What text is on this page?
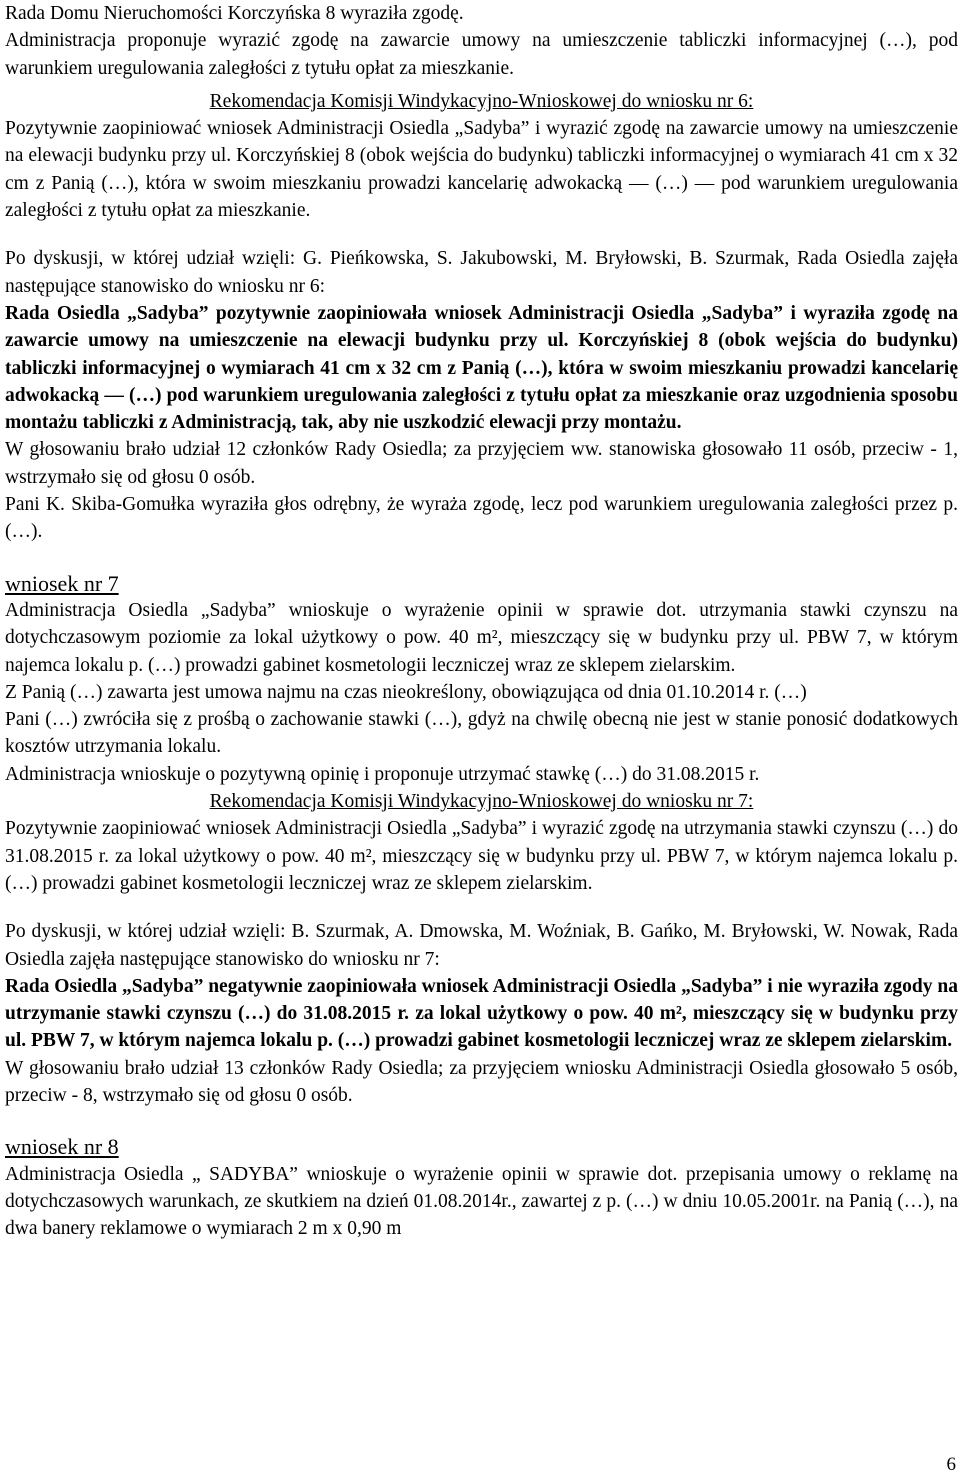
Rada Domu Nieruchomości Korczyńska 8 wyraziła zgodę.

Administracja proponuje wyrazić zgodę na zawarcie umowy na umieszczenie tabliczki informacyjnej (…), pod warunkiem uregulowania zaległości z tytułu opłat za mieszkanie.

Rekomendacja Komisji Windykacyjno-Wnioskowej do wniosku nr 6:

Pozytywnie zaopiniować wniosek Administracji Osiedla „Sadyba” i wyrazić zgodę na zawarcie umowy na umieszczenie na elewacji budynku przy ul. Korczyńskiej 8 (obok wejścia do budynku) tabliczki informacyjnej o wymiarach 41 cm x 32 cm z Panią (…), która w swoim mieszkaniu prowadzi kancelarię adwokacką — (…) — pod warunkiem uregulowania zaległości z tytułu opłat za mieszkanie.

Po dyskusji, w której udział wzięli: G. Pieńkowska, S. Jakubowski, M. Bryłowski, B. Szurmak, Rada Osiedla zajęła następujące stanowisko do wniosku nr 6:

Rada Osiedla „Sadyba” pozytywnie zaopiniowała wniosek Administracji Osiedla „Sadyba” i wyraziła zgodę na zawarcie umowy na umieszczenie na elewacji budynku przy ul. Korczyńskiej 8 (obok wejścia do budynku) tabliczki informacyjnej o wymiarach 41 cm x 32 cm z Panią (…), która w swoim mieszkaniu prowadzi kancelarię adwokacką — (…) pod warunkiem uregulowania zaległości z tytułu opłat za mieszkanie oraz uzgodnienia sposobu montażu tabliczki z Administracją, tak, aby nie uszkodzić elewacji przy montażu.

W głosowaniu brało udział 12 członków Rady Osiedla; za przyjęciem ww. stanowiska głosowało 11 osób, przeciw - 1, wstrzymało się od głosu 0 osób.

Pani K. Skiba-Gomułka wyraziła głos odrębny, że wyraża zgodę, lecz pod warunkiem uregulowania zaległości przez p. (…).

wniosek nr 7

Administracja Osiedla „Sadyba” wnioskuje o wyrażenie opinii w sprawie dot. utrzymania stawki czynszu na dotychczasowym poziomie za lokal użytkowy o pow. 40 m², mieszczący się w budynku przy ul. PBW 7, w którym najemca lokalu p. (…) prowadzi gabinet kosmetologii leczniczej wraz ze sklepem zielarskim.

Z Panią (…) zawarta jest umowa najmu na czas nieokreślony, obowiązująca od dnia 01.10.2014 r. (…)

Pani (…) zwróciła się z prośbą o zachowanie stawki (…), gdyż na chwilę obecną nie jest w stanie ponosić dodatkowych kosztów utrzymania lokalu.

Administracja wnioskuje o pozytywną opinię i proponuje utrzymać stawkę (…) do 31.08.2015 r.

Rekomendacja Komisji Windykacyjno-Wnioskowej do wniosku nr 7:

Pozytywnie zaopiniować wniosek Administracji Osiedla „Sadyba” i wyrazić zgodę na utrzymania stawki czynszu (…) do 31.08.2015 r. za lokal użytkowy o pow. 40 m², mieszczący się w budynku przy ul. PBW 7, w którym najemca lokalu p. (…) prowadzi gabinet kosmetologii leczniczej wraz ze sklepem zielarskim.

Po dyskusji, w której udział wzięli: B. Szurmak, A. Dmowska, M. Woźniak, B. Gańko, M. Bryłowski, W. Nowak, Rada Osiedla zajęła następujące stanowisko do wniosku nr 7:

Rada Osiedla „Sadyba” negatywnie zaopiniowała wniosek Administracji Osiedla „Sadyba” i nie wyraziła zgody na utrzymanie stawki czynszu (…) do 31.08.2015 r. za lokal użytkowy o pow. 40 m², mieszczący się w budynku przy ul. PBW 7, w którym najemca lokalu p. (…) prowadzi gabinet kosmetologii leczniczej wraz ze sklepem zielarskim.

W głosowaniu brało udział 13 członków Rady Osiedla; za przyjęciem wniosku Administracji Osiedla głosowało 5 osób, przeciw - 8, wstrzymało się od głosu 0 osób.

wniosek nr 8

Administracja Osiedla „ SADYBA” wnioskuje o wyrażenie opinii w sprawie dot. przepisania umowy o reklamę na dotychczasowych warunkach, ze skutkiem na dzień 01.08.2014r., zawartej z p. (…) w dniu 10.05.2001r. na Panią (…), na dwa banery reklamowe o wymiarach 2 m x 0,90 m

6
